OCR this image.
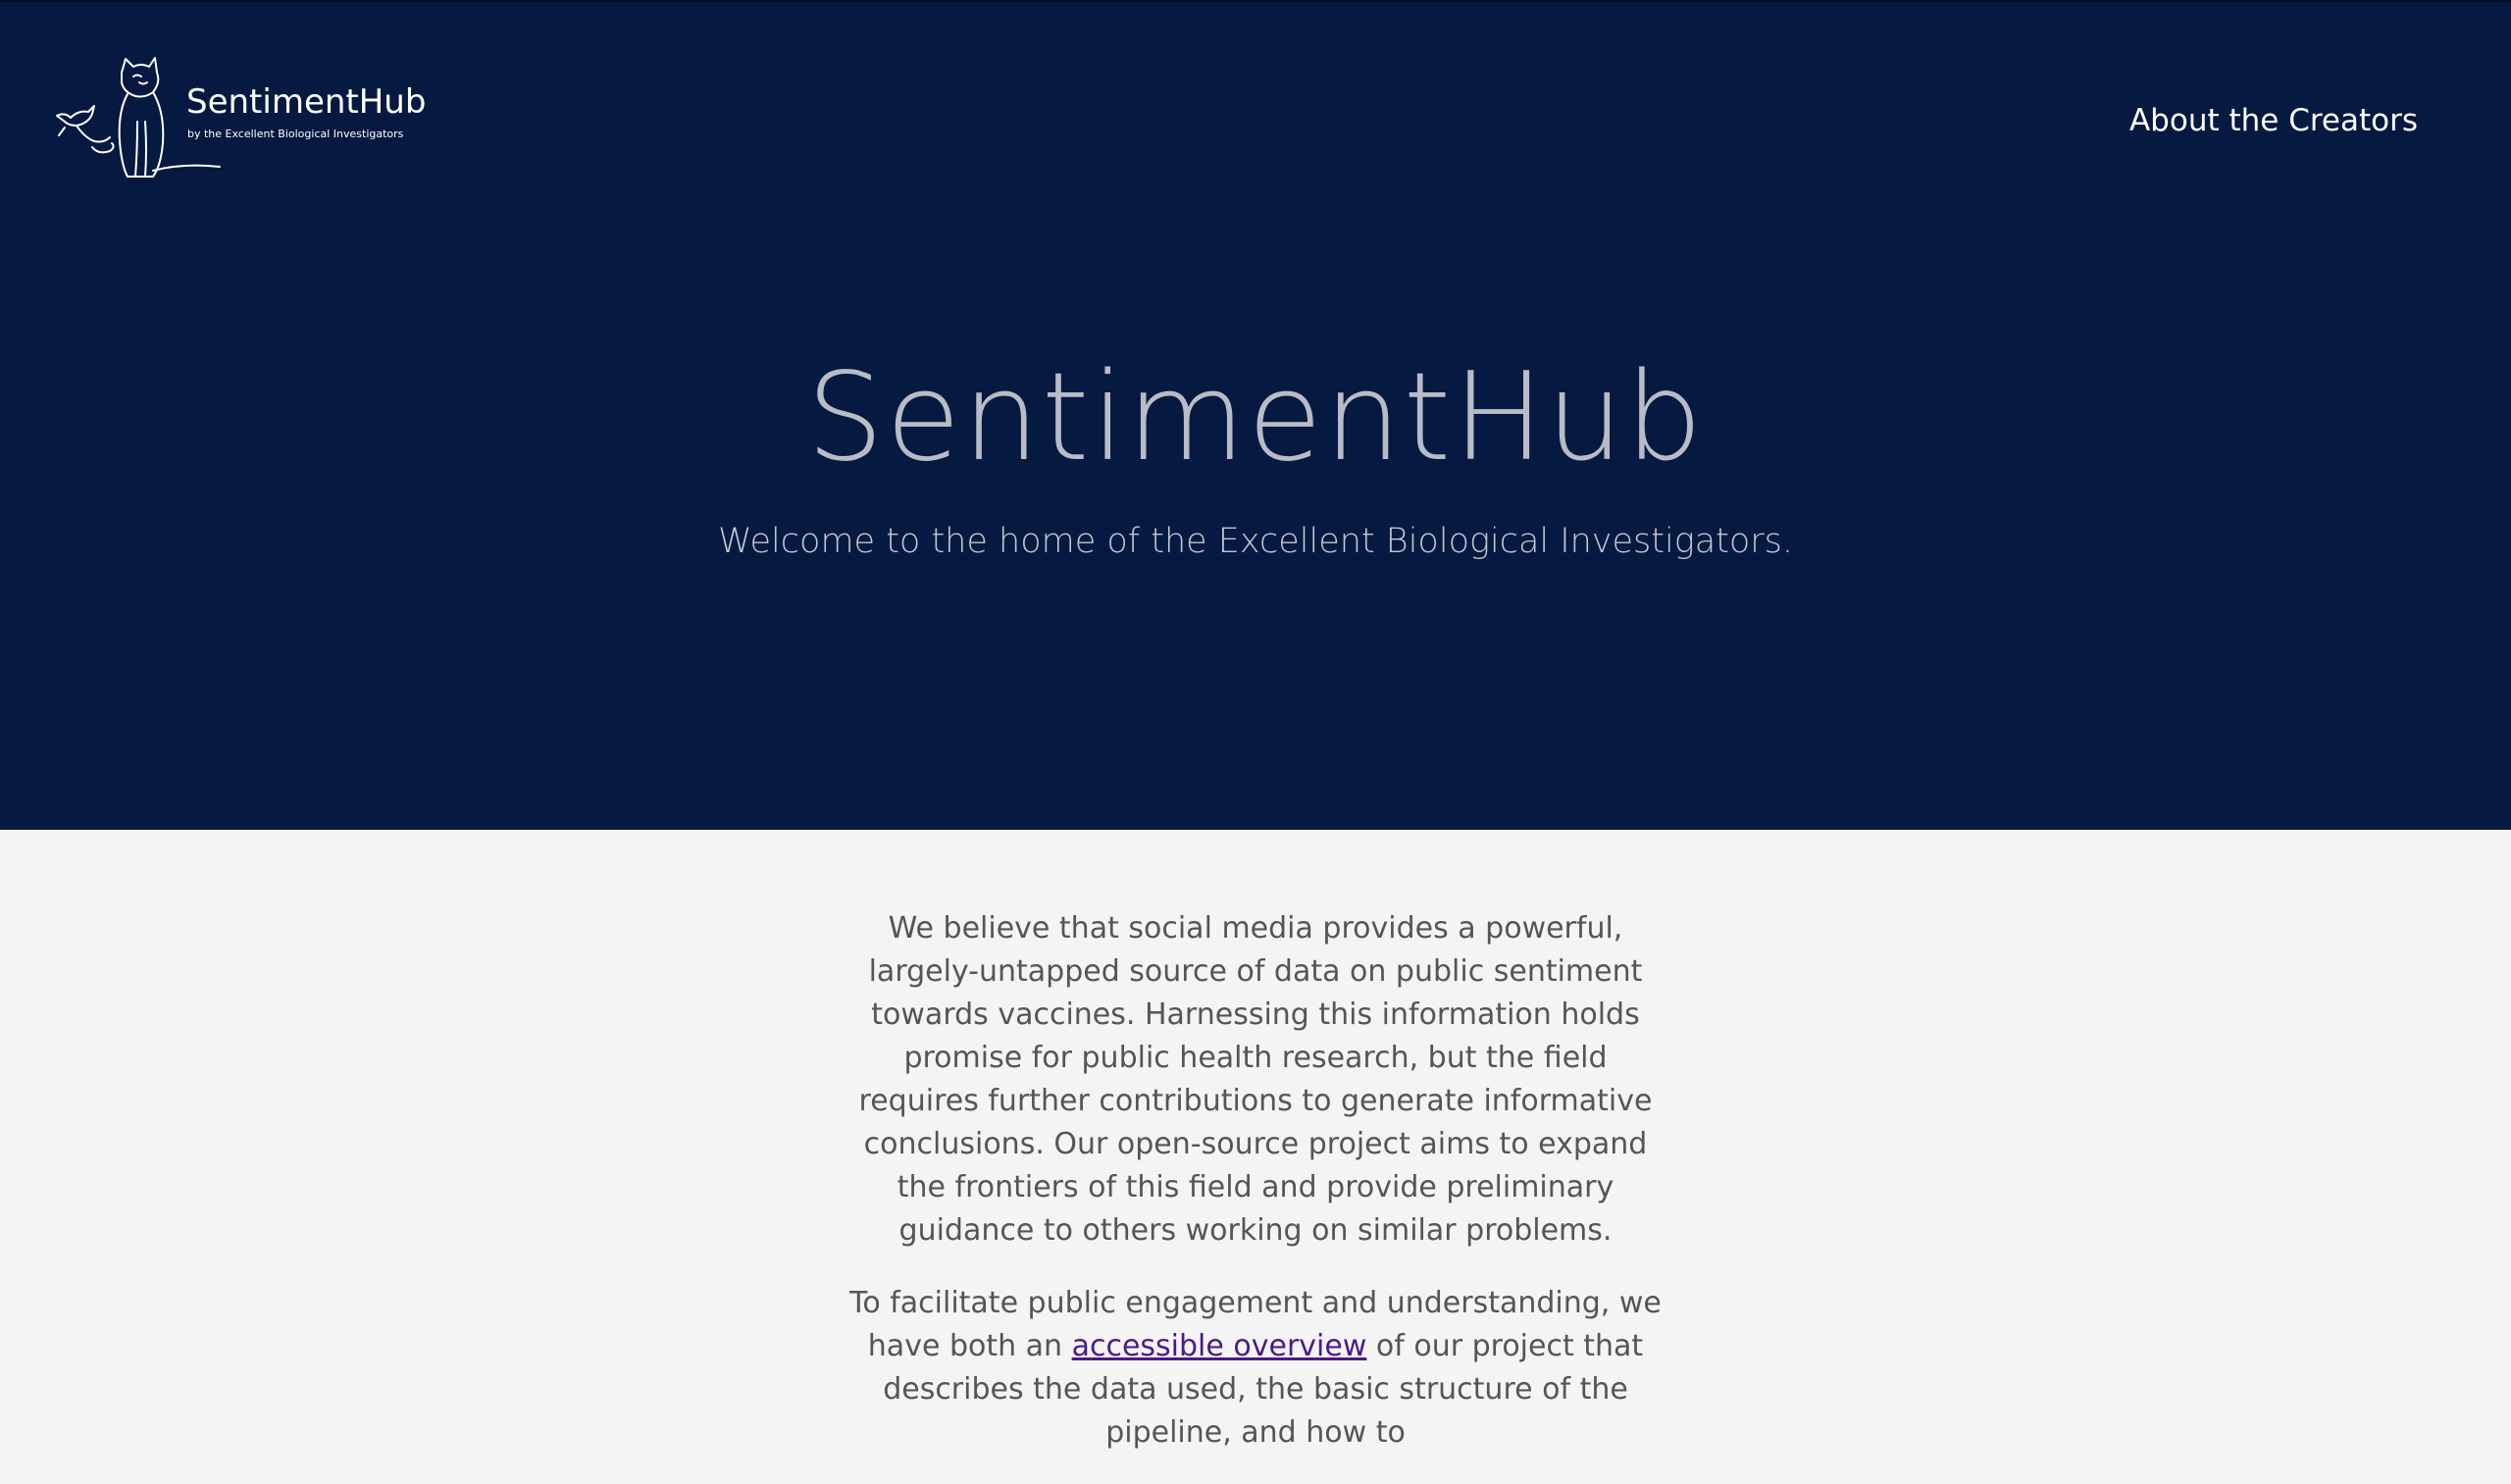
SentimentHub
by the Excellent Biological Investigators	About the Creators
SentimentHub

Welcome to the home of the Excellent Biological Investigators.

We believe that social media provides a powerful, largely-untapped source of data on public sentiment towards vaccines. Harnessing this information holds promise for public health research, but the field requires further contributions to generate informative conclusions. Our open-source project aims to expand the frontiers of this field and provide preliminary guidance to others working on similar problems.

To facilitate public engagement and understanding, we have both an accessible overview of our project that describes the data used, the basic structure of the pipeline, and how to
